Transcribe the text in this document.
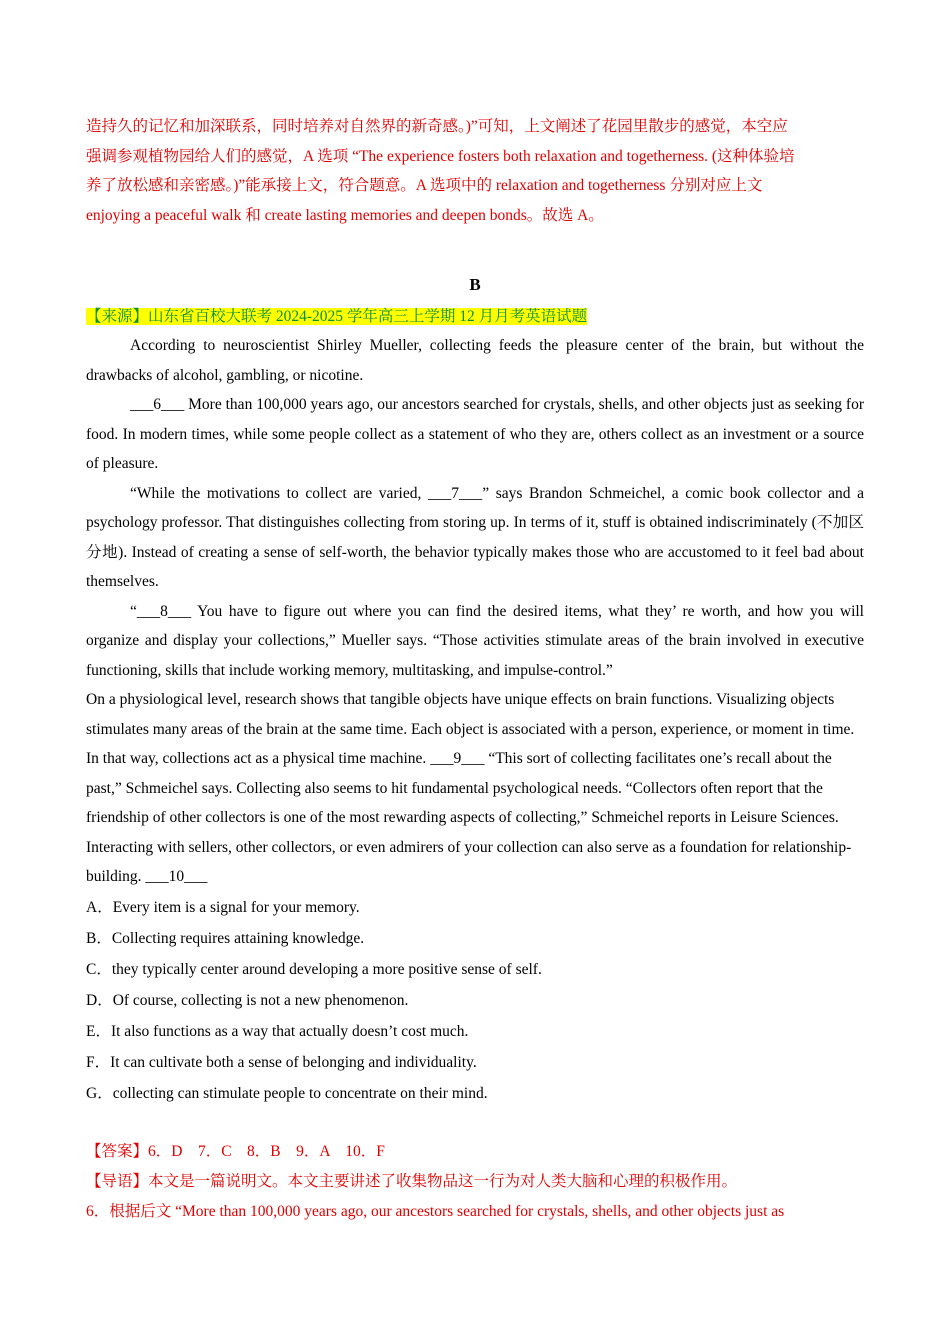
造持久的记忆和加深联系，同时培养对自然界的新奇感。)”可知，上文阐述了花园里散步的感觉，本空应

强调参观植物园给人们的感觉，A 选项 “The experience fosters both relaxation and togetherness. (这种体验培

养了放松感和亲密感。)”能承接上文，符合题意。A 选项中的 relaxation and togetherness 分别对应上文

enjoying a peaceful walk 和 create lasting memories and deepen bonds。故选 A。

B

【来源】山东省百校大联考 2024-2025 学年高三上学期 12 月月考英语试题

According to neuroscientist Shirley Mueller, collecting feeds the pleasure center of the brain, but without the drawbacks of alcohol, gambling, or nicotine.

___6___ More than 100,000 years ago, our ancestors searched for crystals, shells, and other objects just as seeking for food. In modern times, while some people collect as a statement of who they are, others collect as an investment or a source of pleasure.

“While the motivations to collect are varied, ___7___” says Brandon Schmeichel, a comic book collector and a psychology professor. That distinguishes collecting from storing up. In terms of it, stuff is obtained indiscriminately (不加区分地). Instead of creating a sense of self-worth, the behavior typically makes those who are accustomed to it feel bad about themselves.

“___8___ You have to figure out where you can find the desired items, what they’ re worth, and how you will organize and display your collections,” Mueller says. “Those activities stimulate areas of the brain involved in executive functioning, skills that include working memory, multitasking, and impulse-control.”

On a physiological level, research shows that tangible objects have unique effects on brain functions. Visualizing objects stimulates many areas of the brain at the same time. Each object is associated with a person, experience, or moment in time. In that way, collections act as a physical time machine. ___9___ “This sort of collecting facilitates one’s recall about the past,” Schmeichel says. Collecting also seems to hit fundamental psychological needs. “Collectors often report that the friendship of other collectors is one of the most rewarding aspects of collecting,” Schmeichel reports in Leisure Sciences. Interacting with sellers, other collectors, or even admirers of your collection can also serve as a foundation for relationship-building. ___10___

A．Every item is a signal for your memory.

B．Collecting requires attaining knowledge.

C．they typically center around developing a more positive sense of self.

D．Of course, collecting is not a new phenomenon.

E．It also functions as a way that actually doesn’t cost much.

F．It can cultivate both a sense of belonging and individuality.

G．collecting can stimulate people to concentrate on their mind.

【答案】6．D　7．C　8．B　9．A　10．F

【导语】本文是一篇说明文。本文主要讲述了收集物品这一行为对人类大脑和心理的积极作用。

6．根据后文 “More than 100,000 years ago, our ancestors searched for crystals, shells, and other objects just as
